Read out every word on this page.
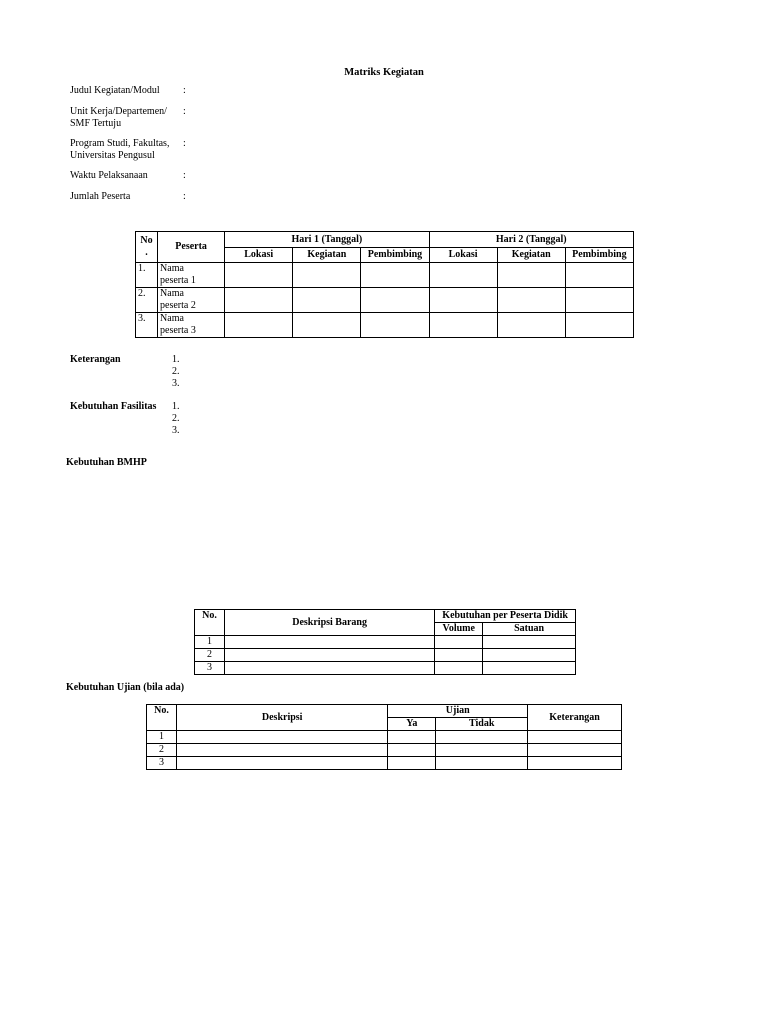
Matriks Kegiatan
Judul Kegiatan/Modul	:
Unit Kerja/Departemen/
SMF Tertuju
:
Program Studi, Fakultas,
Universitas Pengusul
:
Waktu Pelaksanaan	:
Jumlah Peserta	:
No
.	Peserta	Hari 1 (Tanggal)			Hari 2 (Tanggal)		
		Lokasi	Kegiatan	Pembimbing	Lokasi	Kegiatan	Pembimbing
1.	Nama
peserta 1						

2.	Nama
peserta 2						

3.	Nama
peserta 3						

Keterangan	1.
2.
3.
Kebutuhan Fasilitas 1.
2.
3.
Kebutuhan BMHP
No.	Deskripsi Barang	Kebutuhan per Peserta Didik	
		Volume	Satuan
1			
2			
3			
Kebutuhan Ujian (bila ada)
No.	Deskripsi	Ujian		Keterangan
		Ya	Tidak	
1				
2				
3				
